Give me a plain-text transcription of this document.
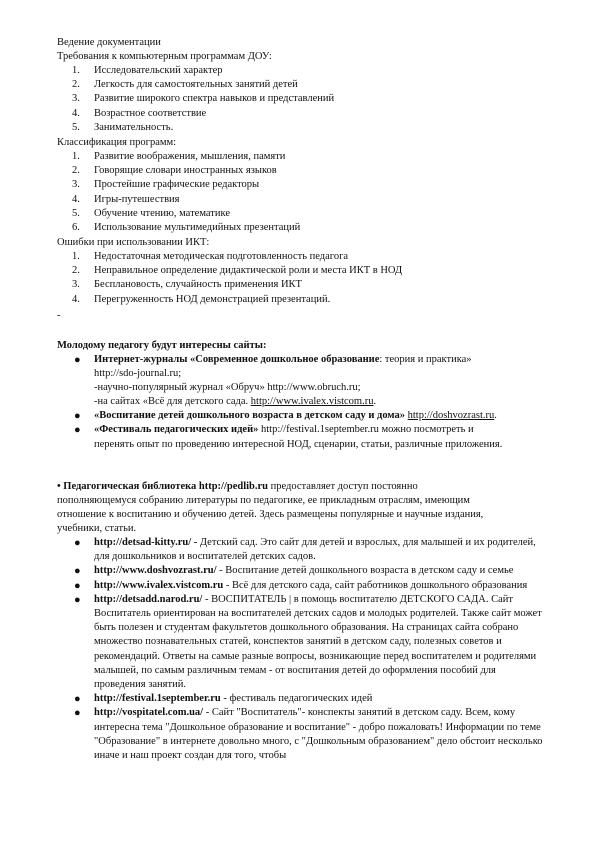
Ведение документации
Требования к компьютерным программам ДОУ:
1. Исследовательский характер
2. Легкость для самостоятельных занятий детей
3. Развитие широкого спектра навыков и представлений
4. Возрастное соответствие
5. Занимательность.
Классификация программ:
1. Развитие воображения, мышления, памяти
2. Говорящие словари иностранных языков
3. Простейшие графические редакторы
4. Игры-путешествия
5. Обучение чтению, математике
6. Использование мультимедийных презентаций
Ошибки при использовании ИКТ:
1. Недостаточная методическая подготовленность педагога
2. Неправильное определение дидактической роли и места ИКТ в НОД
3. Бесплановость, случайность применения ИКТ
4. Перегруженность НОД демонстрацией презентаций.
-
Молодому педагогу будут интересны сайты:
● Интернет-журналы «Современное дошкольное образование: теория и практика»
http://sdo-journal.ru;
-научно-популярный журнал «Обруч» http://www.obruch.ru;
-на сайтах «Всё для детского сада. http://www.ivalex.vistcom.ru.
● «Воспитание детей дошкольного возраста в детском саду и дома» http://doshvozrast.ru.
● «Фестиваль педагогических идей» http://festival.1september.ru можно посмотреть и
перенять опыт по проведению интересной НОД, сценарии, статьи, различные приложения.
• Педагогическая библиотека http://pedlib.ru предоставляет доступ постоянно
пополняющемуся собранию литературы по педагогике, ее прикладным отраслям, имеющим
отношение к воспитанию и обучению детей. Здесь размещены популярные и научные издания,
учебники, статьи.
● http://detsad-kitty.ru/ - Детский сад. Это сайт для детей и взрослых, для малышей и их родителей, для дошкольников и воспитателей детских садов.
● http://www.doshvozrast.ru/ - Воспитание детей дошкольного возраста в детском саду и семье
● http://www.ivalex.vistcom.ru - Всё для детского сада, сайт работников дошкольного образования
● http://detsadd.narod.ru/ - ВОСПИТАТЕЛЬ | в помощь воспитателю ДЕТСКОГО САДА. Сайт Воспитатель ориентирован на воспитателей детских садов и молодых родителей. Также сайт может быть полезен и студентам факультетов дошкольного образования. На страницах сайта собрано множество познавательных статей, конспектов занятий в детском саду, полезных советов и рекомендаций. Ответы на самые разные вопросы, возникающие перед воспитателем и родителями малышей, по самым различным темам - от воспитания детей до оформления пособий для проведения занятий.
● http://festival.1september.ru - фестиваль педагогических идей
● http://vospitatel.com.ua/ - Сайт "Воспитатель"- конспекты занятий в детском саду. Всем, кому интересна тема "Дошкольное образование и воспитание" - добро пожаловать! Информации по теме "Образование" в интернете довольно много, с "Дошкольным образованием" дело обстоит несколько иначе и наш проект создан для того, чтобы
